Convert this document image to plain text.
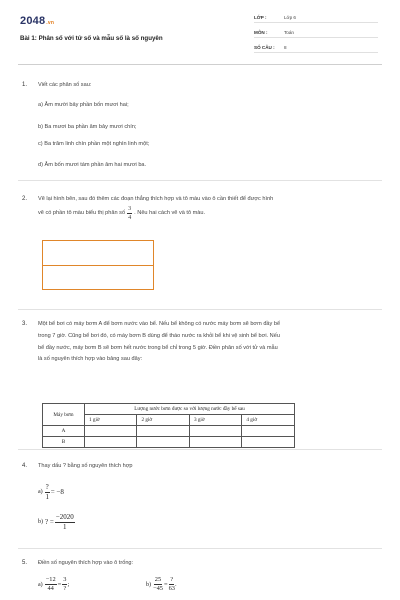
2048.vn
Bài 1: Phân số với tử số và mẫu số là số nguyên
LỚP :	Lớp 6
MÔN :	Toán
SỐ CÂU : 8
1. Viết các phân số sau:
a) Âm mười bảy phần bốn mươi hai;
b) Ba mươi ba phần âm bảy mươi chín;
c) Ba trăm linh chín phần một nghìn linh một;
d) Âm bốn mươi tám phần âm hai mươi ba.
2. Vẽ lại hình bên, sau đó thêm các đoạn thẳng thích hợp và tô màu vào ô cần thiết để được hình
vẽ có phần tô màu biểu thị phân số $\frac{3}{4}$ . Nêu hai cách vẽ và tô màu.
3. Một bể bơi có máy bơm A để bơm nước vào bể. Nếu bể không có nước máy bơm sẽ bơm đầy bể
trong 7 giờ. Cũng bể bơi đó, có máy bơm B dùng để tháo nước ra khỏi bể khi vệ sinh bể bơi. Nếu
bể đầy nước, máy bơm B sẽ bơm hết nước trong bể chỉ trong 5 giờ. Điền phân số với tử và mẫu
là số nguyên thích hợp vào bảng sau đây:
Máy bơm	Lượng nước bơm được so với lượng nước đầy bể sau			
	1 giờ	2 giờ	3 giờ	4 giờ
A				
B				
4. Thay dấu ? bằng số nguyên thích hợp
$a) \frac{?}{1} = -8$
b) ? = $\frac{-2020}{1}$
5. Điền số nguyên thích hợp vào ô trống:
$a) \frac{-12}{44} = \frac{3}{?}$ ;	$b) \frac{25}{-45} = \frac{?}{63}$ .
